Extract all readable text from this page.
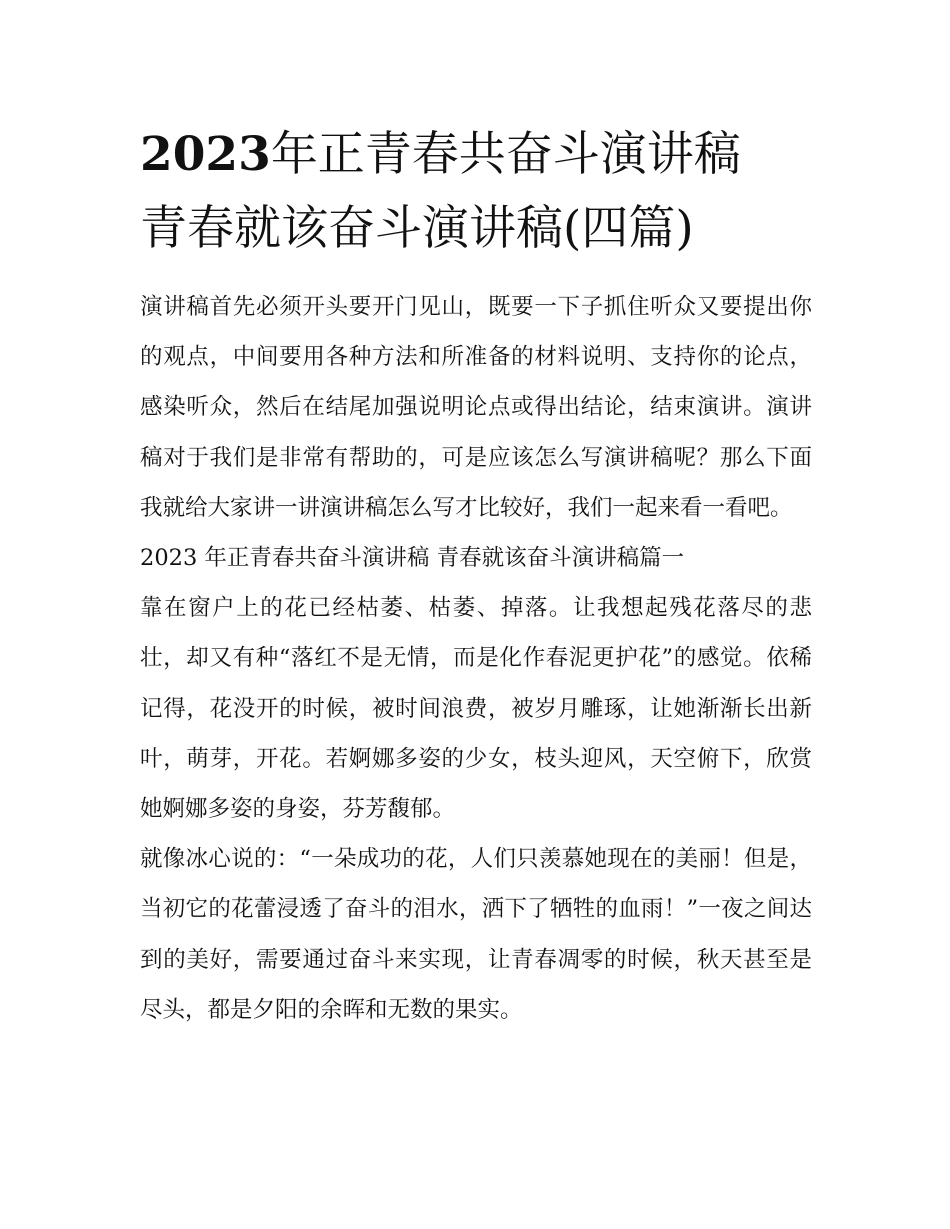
2023年正青春共奋斗演讲稿
青春就该奋斗演讲稿(四篇)

演讲稿首先必须开头要开门见山，既要一下子抓住听众又要提出你的观点，中间要用各种方法和所准备的材料说明、支持你的论点，感染听众，然后在结尾加强说明论点或得出结论，结束演讲。演讲稿对于我们是非常有帮助的，可是应该怎么写演讲稿呢？那么下面我就给大家讲一讲演讲稿怎么写才比较好，我们一起来看一看吧。

2023 年正青春共奋斗演讲稿 青春就该奋斗演讲稿篇一

靠在窗户上的花已经枯萎、枯萎、掉落。让我想起残花落尽的悲壮，却又有种“落红不是无情，而是化作春泥更护花”的感觉。依稀记得，花没开的时候，被时间浪费，被岁月雕琢，让她渐渐长出新叶，萌芽，开花。若婀娜多姿的少女，枝头迎风，天空俯下，欣赏她婀娜多姿的身姿，芬芳馥郁。

就像冰心说的：“一朵成功的花，人们只羡慕她现在的美丽！但是，当初它的花蕾浸透了奋斗的泪水，洒下了牺牲的血雨！”一夜之间达到的美好，需要通过奋斗来实现，让青春凋零的时候，秋天甚至是尽头，都是夕阳的余晖和无数的果实。
